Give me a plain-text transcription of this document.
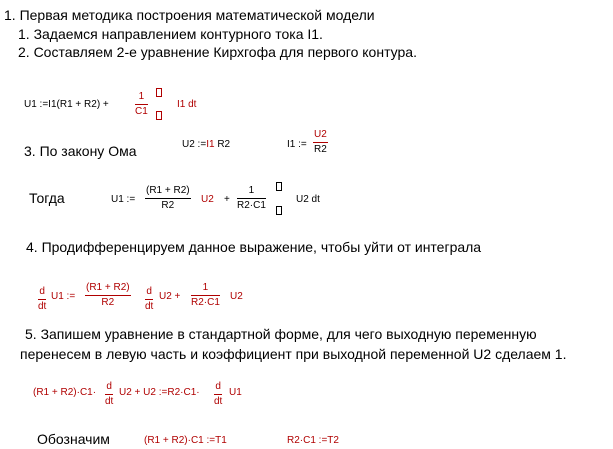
1. Первая методика построения математической модели
1. Задаемся направлением контурного тока I1.
2. Составляем 2-е уравнение Кирхгофа для первого контура.
U1 :=I1(R1 + R2) +
1
C1
I1 dt
3. По закону Ома	U2 :=I1 R2	I1 :=
U2
R2
Тогда	U1 :=
(R1 + R2)
R2
U2 +
1
R2·C1
U2 dt
4. Продифференцируем данное выражение, чтобы уйти от интеграла
d
dt
U1 :=
(R1 + R2)
R2
d
dt
U2 +
1
R2·C1
U2
5. Запишем уравнение в стандартной форме, для чего выходную переменную
перенесем в левую часть и коэффициент при выходной переменной U2 сделаем 1.
(R1 + R2)·C1·
d
dt
U2 + U2 :=R2·C1·
d
dt
U1
Обозначим	(R1 + R2)·C1 :=T1	R2·C1 :=T2
